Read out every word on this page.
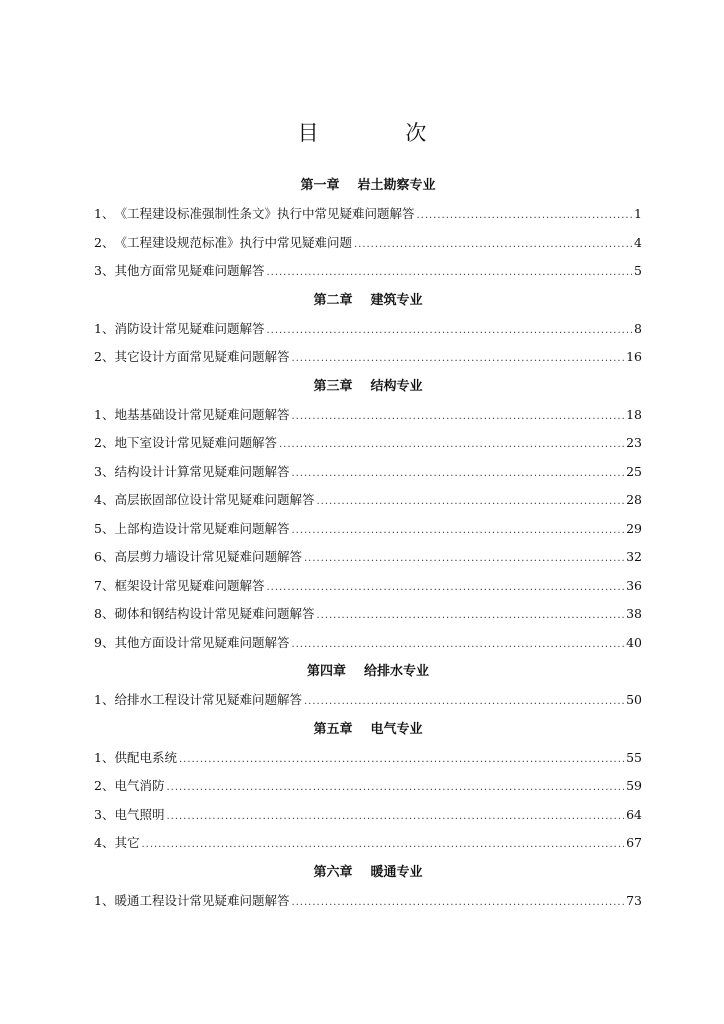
目 次
第一章 岩土勘察专业
1、 《工程建设标准强制性条文》执行中常见疑难问题解答 .....	1
2、 《工程建设规范标准》执行中常见疑难问题 .....	4
3、 其他方面常见疑难问题解答 .....	5
第二章 建筑专业
1、 消防设计常见疑难问题解答 .....	8
2、 其它设计方面常见疑难问题解答 .....	16
第三章 结构专业
1、 地基基础设计常见疑难问题解答 .....	18
2、 地下室设计常见疑难问题解答 .....	23
3、 结构设计计算常见疑难问题解答 .....	25
4、 高层嵌固部位设计常见疑难问题解答 .....	28
5、 上部构造设计常见疑难问题解答 .....	29
6、 高层剪力墙设计常见疑难问题解答 .....	32
7、 框架设计常见疑难问题解答 .....	36
8、 砌体和钢结构设计常见疑难问题解答 .....	38
9、 其他方面设计常见疑难问题解答 .....	40
第四章 给排水专业
1、 给排水工程设计常见疑难问题解答 .....	50
第五章 电气专业
1、 供配电系统 .....	55
2、 电气消防 .....	59
3、 电气照明 .....	64
4、 其它 .....	67
第六章 暖通专业
1、 暖通工程设计常见疑难问题解答 .....	73
